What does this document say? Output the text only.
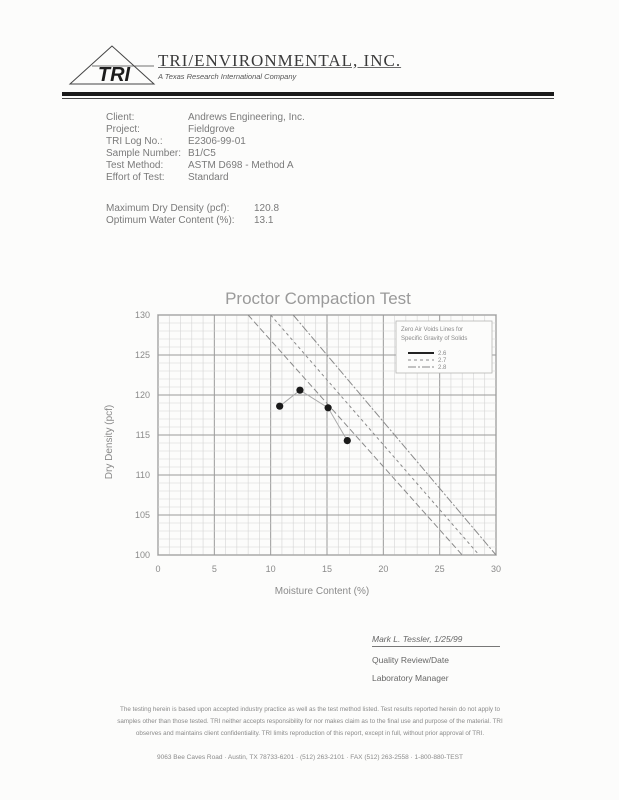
TRI
TRI/ENVIRONMENTAL, INC.
A Texas Research International Company
Client:	Andrews Engineering, Inc.
Project:	Fieldgrove
TRI Log No.:	E2306-99-01
Sample Number: B1/C5
Test Method:	ASTM D698 - Method A
Effort of Test:	Standard
Maximum Dry Density (pcf):	120.8
Optimum Water Content (%):	13.1
Proctor Compaction Test
0	5	10	15	20	25	30
130
125
120
115
110
105
100
Zero Air Voids Lines for
Specific Gravity of Solids
2.6
2.7
2.8
Moisture Content (%)
Dry Density (pcf)
Mark L. Tessler, 1/25/99
Quality Review/Date
Laboratory Manager
The testing herein is based upon accepted industry practice as well as the test method listed. Test results reported herein do not apply to samples other than those tested. TRI neither accepts responsibility for nor makes claim as to the final use and purpose of the material. TRI observes and maintains client confidentiality. TRI limits reproduction of this report, except in full, without prior approval of TRI.
9063 Bee Caves Road · Austin, TX 78733-6201 · (512) 263-2101 · FAX (512) 263-2558 · 1-800-880-TEST
